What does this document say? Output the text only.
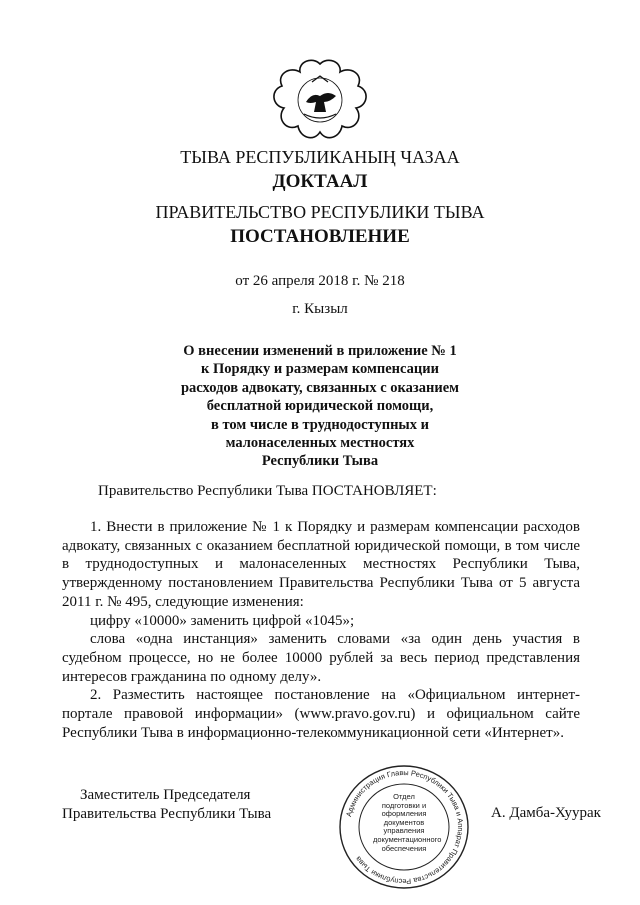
ТЫВА РЕСПУБЛИКАНЫҢ ЧАЗАА
ДОКТААЛ
ПРАВИТЕЛЬСТВО РЕСПУБЛИКИ ТЫВА
ПОСТАНОВЛЕНИЕ
от 26 апреля 2018 г. № 218
г. Кызыл
О внесении изменений в приложение № 1
к Порядку и размерам компенсации
расходов адвокату, связанных с оказанием
бесплатной юридической помощи,
в том числе в труднодоступных и
малонаселенных местностях
Республики Тыва
Правительство Республики Тыва ПОСТАНОВЛЯЕТ:

1. Внести в приложение № 1 к Порядку и размерам компенсации расходов адвокату, связанных с оказанием бесплатной юридической помощи, в том числе в труднодоступных и малонаселенных местностях Республики Тыва, утвержденному постановлением Правительства Республики Тыва от 5 августа 2011 г. № 495, следующие изменения:

цифру «10000» заменить цифрой «1045»;

слова «одна инстанция» заменить словами «за один день участия в судебном процессе, но не более 10000 рублей за весь период представления интересов гражданина по одному делу».

2. Разместить настоящее постановление на «Официальном интернет-портале правовой информации» (www.pravo.gov.ru) и официальном сайте Республики Тыва в информационно-телекоммуникационной сети «Интернет».

Администрация Главы Республики Тыва и Аппарат Правительства Республики Тыва
Отдел
подготовки и
оформления документов
управления
документационного
обеспечения
Заместитель Председателя
Правительства Республики Тыва	А. Дамба-Хуурак
